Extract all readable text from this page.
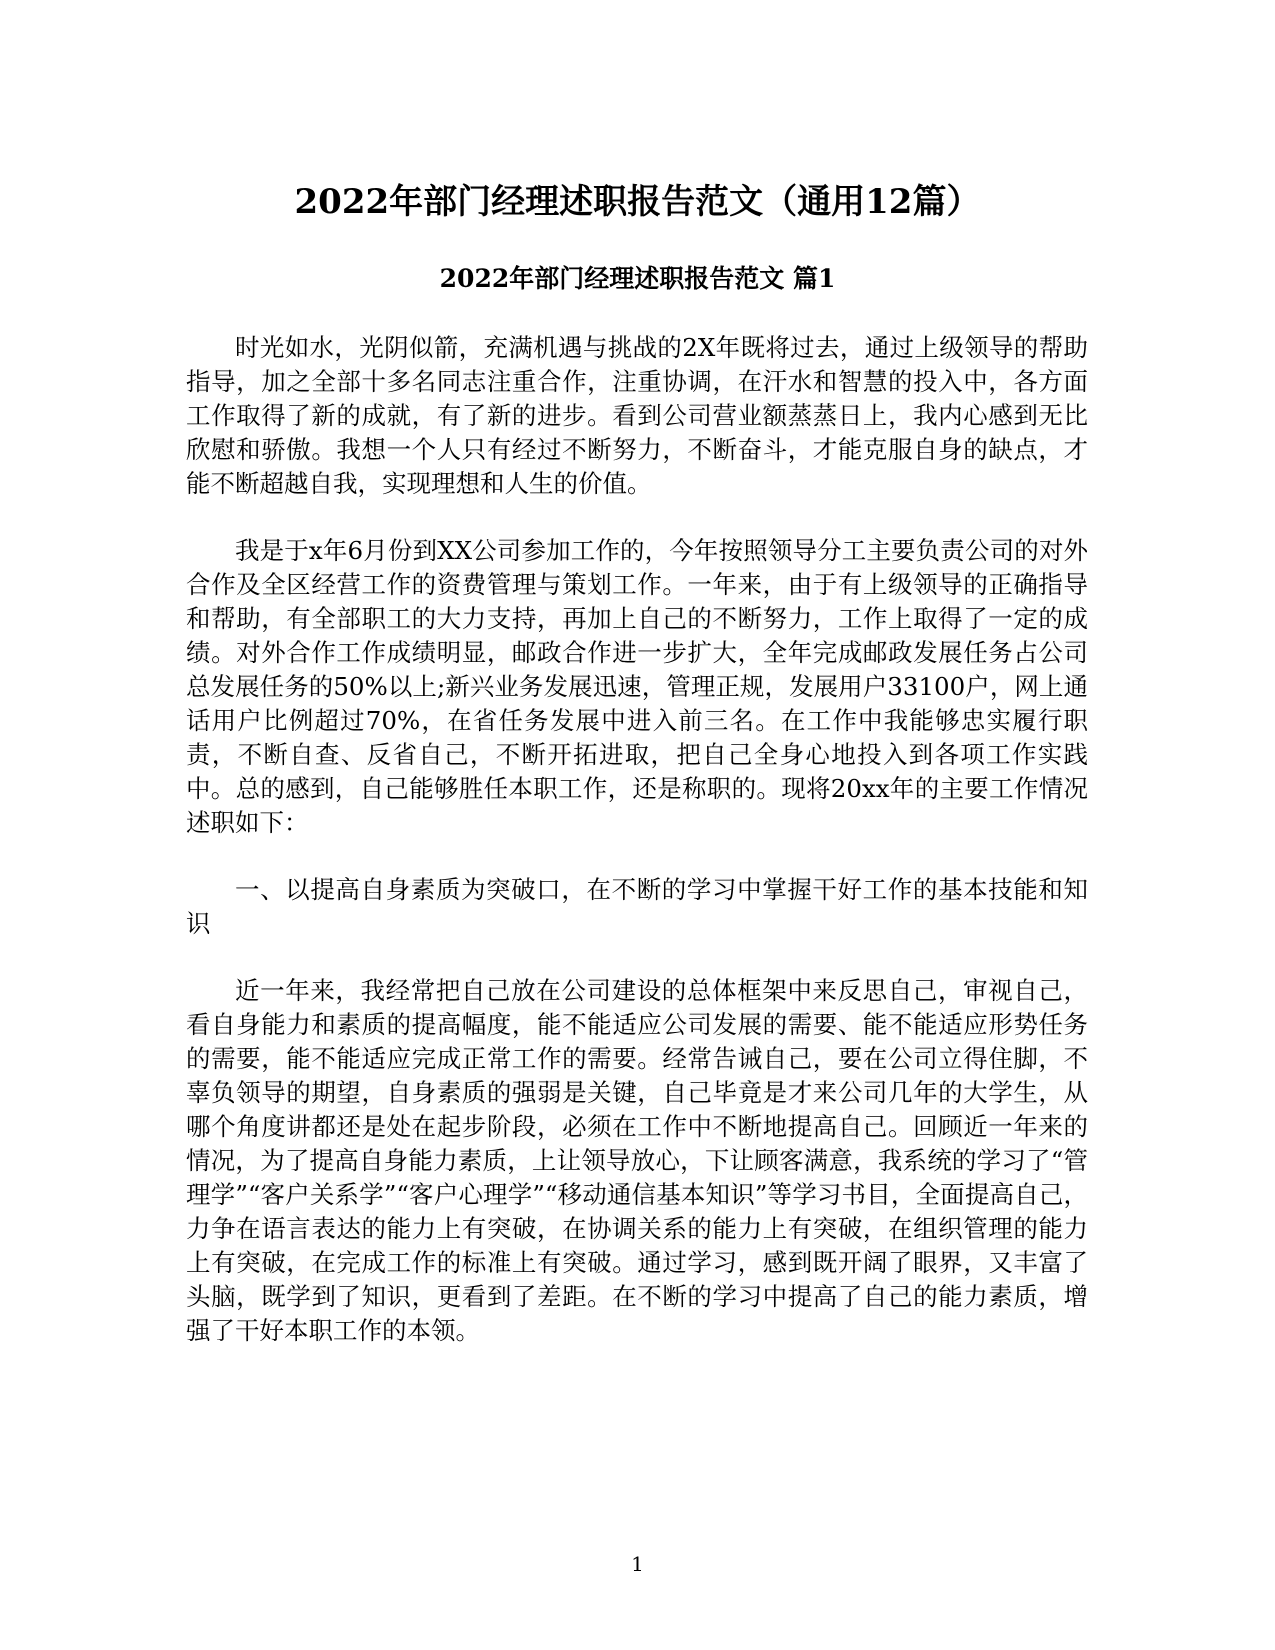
2022年部门经理述职报告范文（通用12篇）
2022年部门经理述职报告范文 篇1

时光如水，光阴似箭，充满机遇与挑战的2X年既将过去，通过上级领导的帮助指导，加之全部十多名同志注重合作，注重协调，在汗水和智慧的投入中，各方面工作取得了新的成就，有了新的进步。看到公司营业额蒸蒸日上，我内心感到无比欣慰和骄傲。我想一个人只有经过不断努力，不断奋斗，才能克服自身的缺点，才能不断超越自我，实现理想和人生的价值。

我是于x年6月份到XX公司参加工作的，今年按照领导分工主要负责公司的对外合作及全区经营工作的资费管理与策划工作。一年来，由于有上级领导的正确指导和帮助，有全部职工的大力支持，再加上自己的不断努力，工作上取得了一定的成绩。对外合作工作成绩明显，邮政合作进一步扩大，全年完成邮政发展任务占公司总发展任务的50%以上;新兴业务发展迅速，管理正规，发展用户33100户，网上通话用户比例超过70%，在省任务发展中进入前三名。在工作中我能够忠实履行职责，不断自查、反省自己，不断开拓进取，把自己全身心地投入到各项工作实践中。总的感到，自己能够胜任本职工作，还是称职的。现将20xx年的主要工作情况述职如下：

一、以提高自身素质为突破口，在不断的学习中掌握干好工作的基本技能和知识

近一年来，我经常把自己放在公司建设的总体框架中来反思自己，审视自己，看自身能力和素质的提高幅度，能不能适应公司发展的需要、能不能适应形势任务的需要，能不能适应完成正常工作的需要。经常告诫自己，要在公司立得住脚，不辜负领导的期望，自身素质的强弱是关键，自己毕竟是才来公司几年的大学生，从哪个角度讲都还是处在起步阶段，必须在工作中不断地提高自己。回顾近一年来的情况，为了提高自身能力素质，上让领导放心，下让顾客满意，我系统的学习了“管理学”“客户关系学”“客户心理学”“移动通信基本知识”等学习书目，全面提高自己，力争在语言表达的能力上有突破，在协调关系的能力上有突破，在组织管理的能力上有突破，在完成工作的标准上有突破。通过学习，感到既开阔了眼界，又丰富了头脑，既学到了知识，更看到了差距。在不断的学习中提高了自己的能力素质，增强了干好本职工作的本领。

1
